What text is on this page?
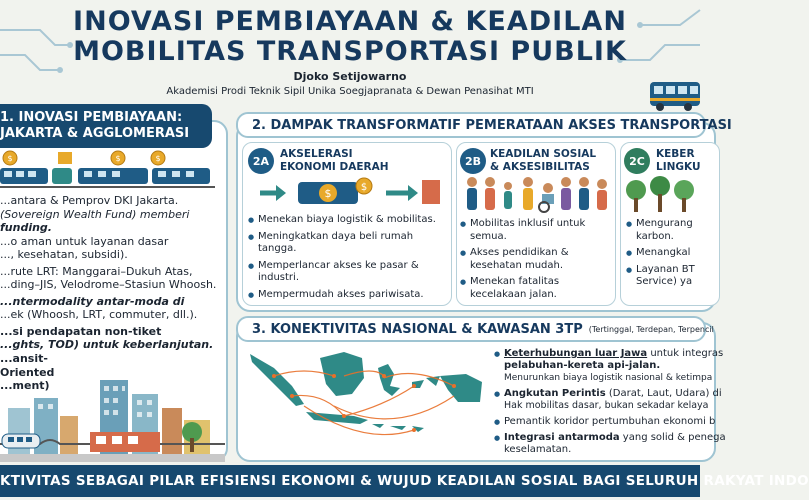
INOVASI PEMBIAYAAN & KEADILAN
MOBILITAS TRANSPORTASI PUBLIK
Djoko Setijowarno
Akademisi Prodi Teknik Sipil Unika Soegjapranata & Dewan Penasihat MTI
1. INOVASI PEMBIAYAAN:
JAKARTA & AGGLOMERASI
$	$	$
...antara & Pemprov DKI Jakarta.
(Sovereign Wealth Fund) memberi
funding.
...o aman untuk layanan dasar
..., kesehatan, subsidi).
...rute LRT: Manggarai–Dukuh Atas,
...ding–JIS, Velodrome–Stasiun Whoosh.
...ntermodality antar-moda di
...ek (Whoosh, LRT, commuter, dll.).
...si pendapatan non-tiket
...ghts, TOD) untuk keberlanjutan.
...ansit-Oriented
...ment)
2. DAMPAK TRANSFORMATIF PEMERATAAN AKSES TRANSPORTASI
2A
AKSELERASI
EKONOMI DAERAH
$	$
● Menekan biaya logistik & mobilitas.
● Meningkatkan daya beli rumah tangga.
● Memperlancar akses ke pasar & industri.
● Mempermudah akses pariwisata.
2B
KEADILAN SOSIAL
& AKSESIBILITAS
● Mobilitas inklusif untuk semua.
● Akses pendidikan & kesehatan mudah.
● Menekan fatalitas kecelakaan jalan.
2C
KEBER
LINGKU
● Mengurang karbon.
● Menangkal
● Layanan BT Service) ya
3. KONEKTIVITAS NASIONAL & KAWASAN 3TP (Tertinggal, Terdepan, Terpencil
● Keterhubungan luar Jawa untuk integras
pelabuhan-kereta api-jalan.
Menurunkan biaya logistik nasional & ketimpa
● Angkutan Perintis (Darat, Laut, Udara) di
Hak mobilitas dasar, bukan sekadar kelaya
● Pemantik koridor pertumbuhan ekonomi b
● Integrasi antarmoda yang solid & penega
keselamatan.
KTIVITAS SEBAGAI PILAR EFISIENSI EKONOMI & WUJUD KEADILAN SOSIAL BAGI SELURUH RAKYAT INDO
